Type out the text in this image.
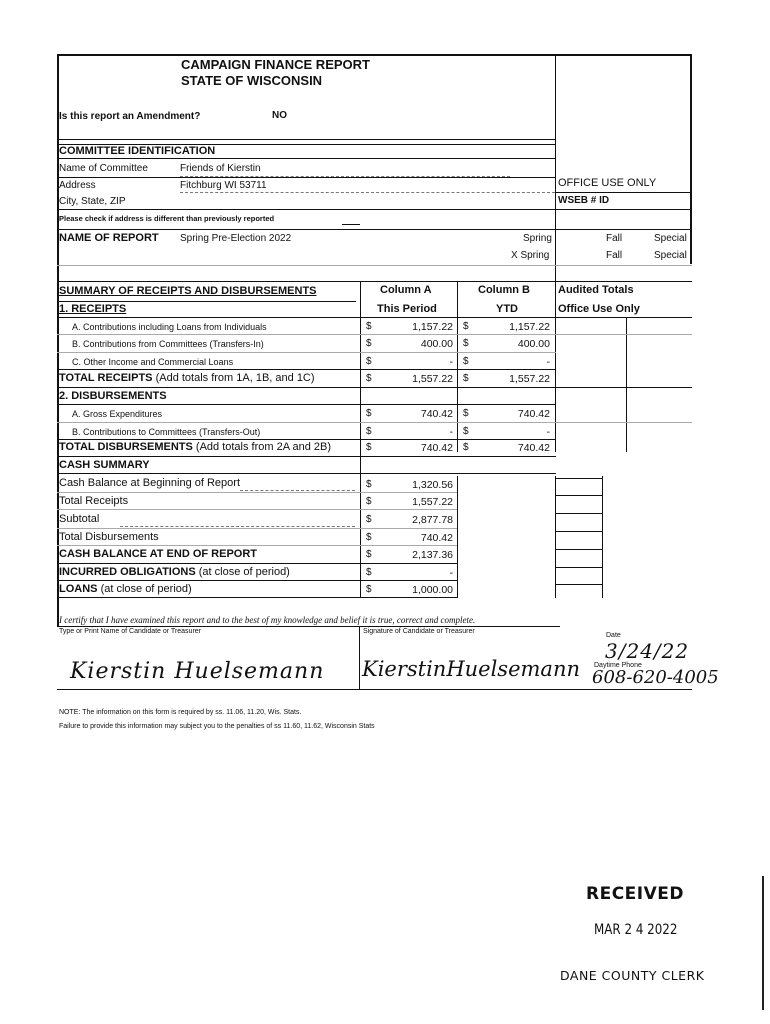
CAMPAIGN FINANCE REPORT
STATE OF WISCONSIN
Is this report an Amendment?	NO
COMMITTEE IDENTIFICATION
Name of Committee	Friends of Kierstin
Address	Fitchburg WI 53711	OFFICE USE ONLY
City, State, ZIP	WSEB # ID
Please check if address is different than previously reported
NAME OF REPORT Spring Pre-Election 2022	Spring	Fall	Special
X Spring	Fall	Special
SUMMARY OF RECEIPTS AND DISBURSEMENTS	Column A	Column B	Audited Totals
1. RECEIPTS	This Period	YTD	Office Use Only
A. Contributions including Loans from Individuals	$	1,157.22 $	1,157.22
B. Contributions from Committees (Transfers-In)	$	400.00 $	400.00
C. Other Income and Commercial Loans	$	- $	-
TOTAL RECEIPTS (Add totals from 1A, 1B, and 1C)	$	1,557.22 $	1,557.22
2. DISBURSEMENTS
A. Gross Expenditures	$	740.42 $	740.42
B. Contributions to Committees (Transfers-Out)	$	- $	-
TOTAL DISBURSEMENTS (Add totals from 2A and 2B)	$	740.42 $	740.42
CASH SUMMARY
Cash Balance at Beginning of Report	$	1,320.56
Total Receipts	$	1,557.22
Subtotal	$	2,877.78
Total Disbursements	$	740.42
CASH BALANCE AT END OF REPORT	$	2,137.36
INCURRED OBLIGATIONS (at close of period)	$	-
LOANS (at close of period)	$	1,000.00
I certify that I have examined this report and to the best of my knowledge and belief it is true, correct and complete.
Type or Print Name of Candidate or Treasurer	Signature of Candidate or Treasurer
Date
Kierstin Huelsemann KierstinHuelsemann
3/24/22
Daytime Phone
608-620-4005
NOTE: The information on this form is required by ss. 11.06, 11.20, Wis. Stats.
Failure to provide this information may subject you to the penalties of ss 11.60, 11.62, Wisconsin Stats
RECEIVED
MAR 2 4 2022
DANE COUNTY CLERK
